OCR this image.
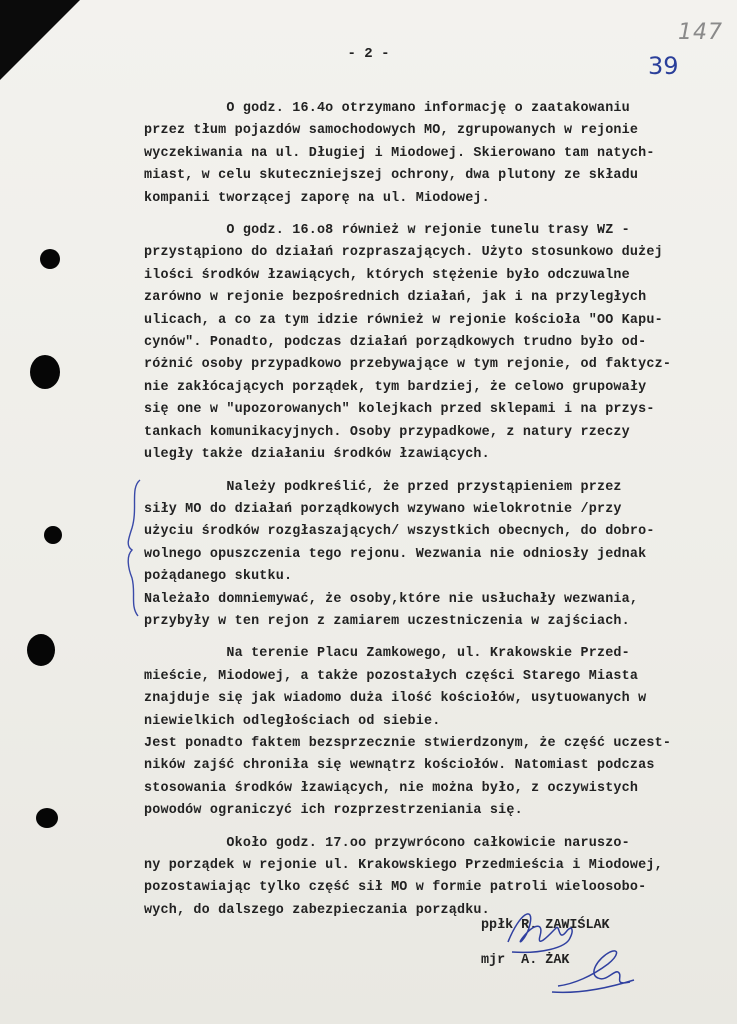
147
39
- 2 -
O godz. 16.4o otrzymano informację o zaatakowaniu
przez tłum pojazdów samochodowych MO, zgrupowanych w rejonie
wyczekiwania na ul. Długiej i Miodowej. Skierowano tam natych-
miast, w celu skuteczniejszej ochrony, dwa plutony ze składu
kompanii tworzącej zaporę na ul. Miodowej.
O godz. 16.o8 również w rejonie tunelu trasy WZ -
przystąpiono do działań rozpraszających. Użyto stosunkowo dużej
ilości środków łzawiących, których stężenie było odczuwalne
zarówno w rejonie bezpośrednich działań, jak i na przyległych
ulicach, a co za tym idzie również w rejonie kościoła "OO Kapu-
cynów". Ponadto, podczas działań porządkowych trudno było od-
różnić osoby przypadkowo przebywające w tym rejonie, od faktycz-
nie zakłócających porządek, tym bardziej, że celowo grupowały
się one w "upozorowanych" kolejkach przed sklepami i na przys-
tankach komunikacyjnych. Osoby przypadkowe, z natury rzeczy
uległy także działaniu środków łzawiących.
Należy podkreślić, że przed przystąpieniem przez
siły MO do działań porządkowych wzywano wielokrotnie /przy
użyciu środków rozgłaszających/ wszystkich obecnych, do dobro-
wolnego opuszczenia tego rejonu. Wezwania nie odniosły jednak
pożądanego skutku.
Należało domniemywać, że osoby,które nie usłuchały wezwania,
przybyły w ten rejon z zamiarem uczestniczenia w zajściach.
Na terenie Placu Zamkowego, ul. Krakowskie Przed-
mieście, Miodowej, a także pozostałych części Starego Miasta
znajduje się jak wiadomo duża ilość kościołów, usytuowanych w
niewielkich odległościach od siebie.
Jest ponadto faktem bezsprzecznie stwierdzonym, że część uczest-
ników zajść chroniła się wewnątrz kościołów. Natomiast podczas
stosowania środków łzawiących, nie można było, z oczywistych
powodów ograniczyć ich rozprzestrzeniania się.
Około godz. 17.oo przywrócono całkowicie naruszo-
ny porządek w rejonie ul. Krakowskiego Przedmieścia i Miodowej,
pozostawiając tylko część sił MO w formie patroli wieloosobo-
wych, do dalszego zabezpieczania porządku.
ppłk R. ZAWIŚLAK
mjr  A. ŻAK
